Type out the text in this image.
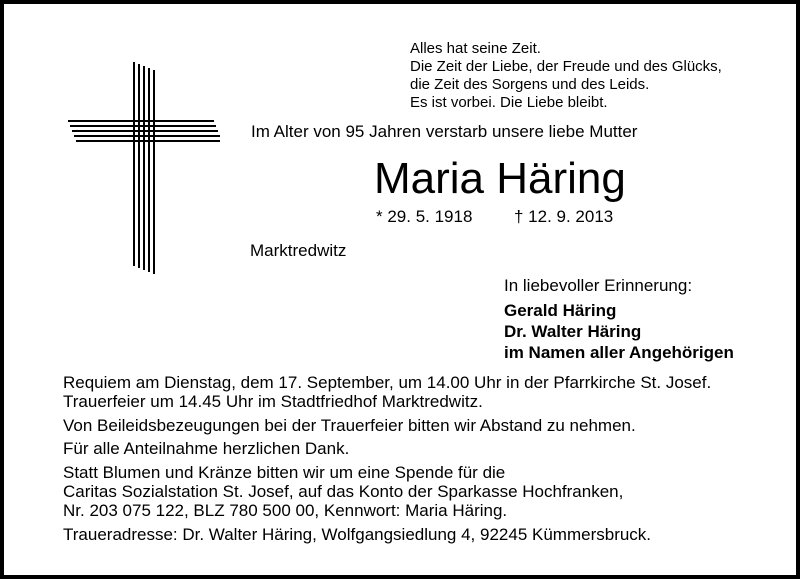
Alles hat seine Zeit.
Die Zeit der Liebe, der Freude und des Glücks,
die Zeit des Sorgens und des Leids.
Es ist vorbei. Die Liebe bleibt.
Im Alter von 95 Jahren verstarb unsere liebe Mutter
Maria Häring
* 29. 5. 1918 † 12. 9. 2013
Marktredwitz
In liebevoller Erinnerung:
Gerald Häring
Dr. Walter Häring
im Namen aller Angehörigen
Requiem am Dienstag, dem 17. September, um 14.00 Uhr in der Pfarrkirche St. Josef.
Trauerfeier um 14.45 Uhr im Stadtfriedhof Marktredwitz.
Von Beileidsbezeugungen bei der Trauerfeier bitten wir Abstand zu nehmen.
Für alle Anteilnahme herzlichen Dank.
Statt Blumen und Kränze bitten wir um eine Spende für die
Caritas Sozialstation St. Josef, auf das Konto der Sparkasse Hochfranken,
Nr. 203 075 122, BLZ 780 500 00, Kennwort: Maria Häring.
Traueradresse: Dr. Walter Häring, Wolfgangsiedlung 4, 92245 Kümmersbruck.
